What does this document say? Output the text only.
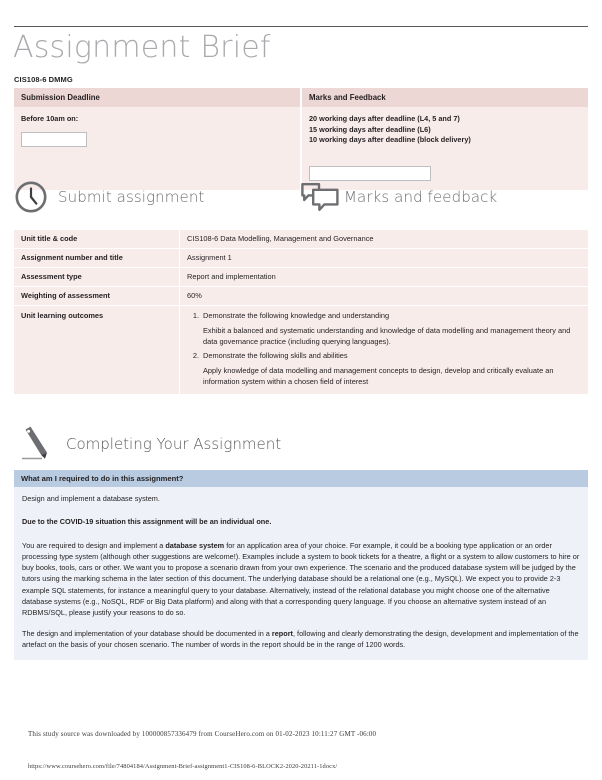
Assignment Brief
CIS108-6 DMMG
Submission Deadline
Before 10am on:
Marks and Feedback
20 working days after deadline (L4, 5 and 7)
15 working days after deadline (L6)
10 working days after deadline (block delivery)
Submit assignment	Marks and feedback
Unit title & code	CIS108-6 Data Modelling, Management and Governance
Assignment number and title	Assignment 1
Assessment type	Report and implementation
Weighting of assessment	60%
Unit learning outcomes	1. Demonstrate the following knowledge and understanding
Exhibit a balanced and systematic understanding and knowledge of data modelling and management theory and data governance practice (including querying languages).
2. Demonstrate the following skills and abilities
Apply knowledge of data modelling and management concepts to design, develop and critically evaluate an information system within a chosen field of interest
Completing Your Assignment
What am I required to do in this assignment?

Design and implement a database system.

Due to the COVID-19 situation this assignment will be an individual one.

You are required to design and implement a database system for an application area of your choice. For example, it could be a booking type application or an order processing type system (although other suggestions are welcome!). Examples include a system to book tickets for a theatre, a flight or a system to allow customers to hire or buy books, tools, cars or other. We want you to propose a scenario drawn from your own experience. The scenario and the produced database system will be judged by the tutors using the marking schema in the later section of this document. The underlying database should be a relational one (e.g., MySQL). We expect you to provide 2-3 example SQL statements, for instance a meaningful query to your database. Alternatively, instead of the relational database you might choose one of the alternative database systems (e.g., NoSQL, RDF or Big Data platform) and along with that a corresponding query language. If you choose an alternative system instead of an RDBMS/SQL, please justify your reasons to do so.

The design and implementation of your database should be documented in a report, following and clearly demonstrating the design, development and implementation of the artefact on the basis of your chosen scenario. The number of words in the report should be in the range of 1200 words.

This study source was downloaded by 100000857336479 from CourseHero.com on 01-02-2023 10:11:27 GMT -06:00
https://www.coursehero.com/file/74804184/Assignment-Brief-assignment1-CIS108-6-BLOCK2-2020-20211-1docx/
